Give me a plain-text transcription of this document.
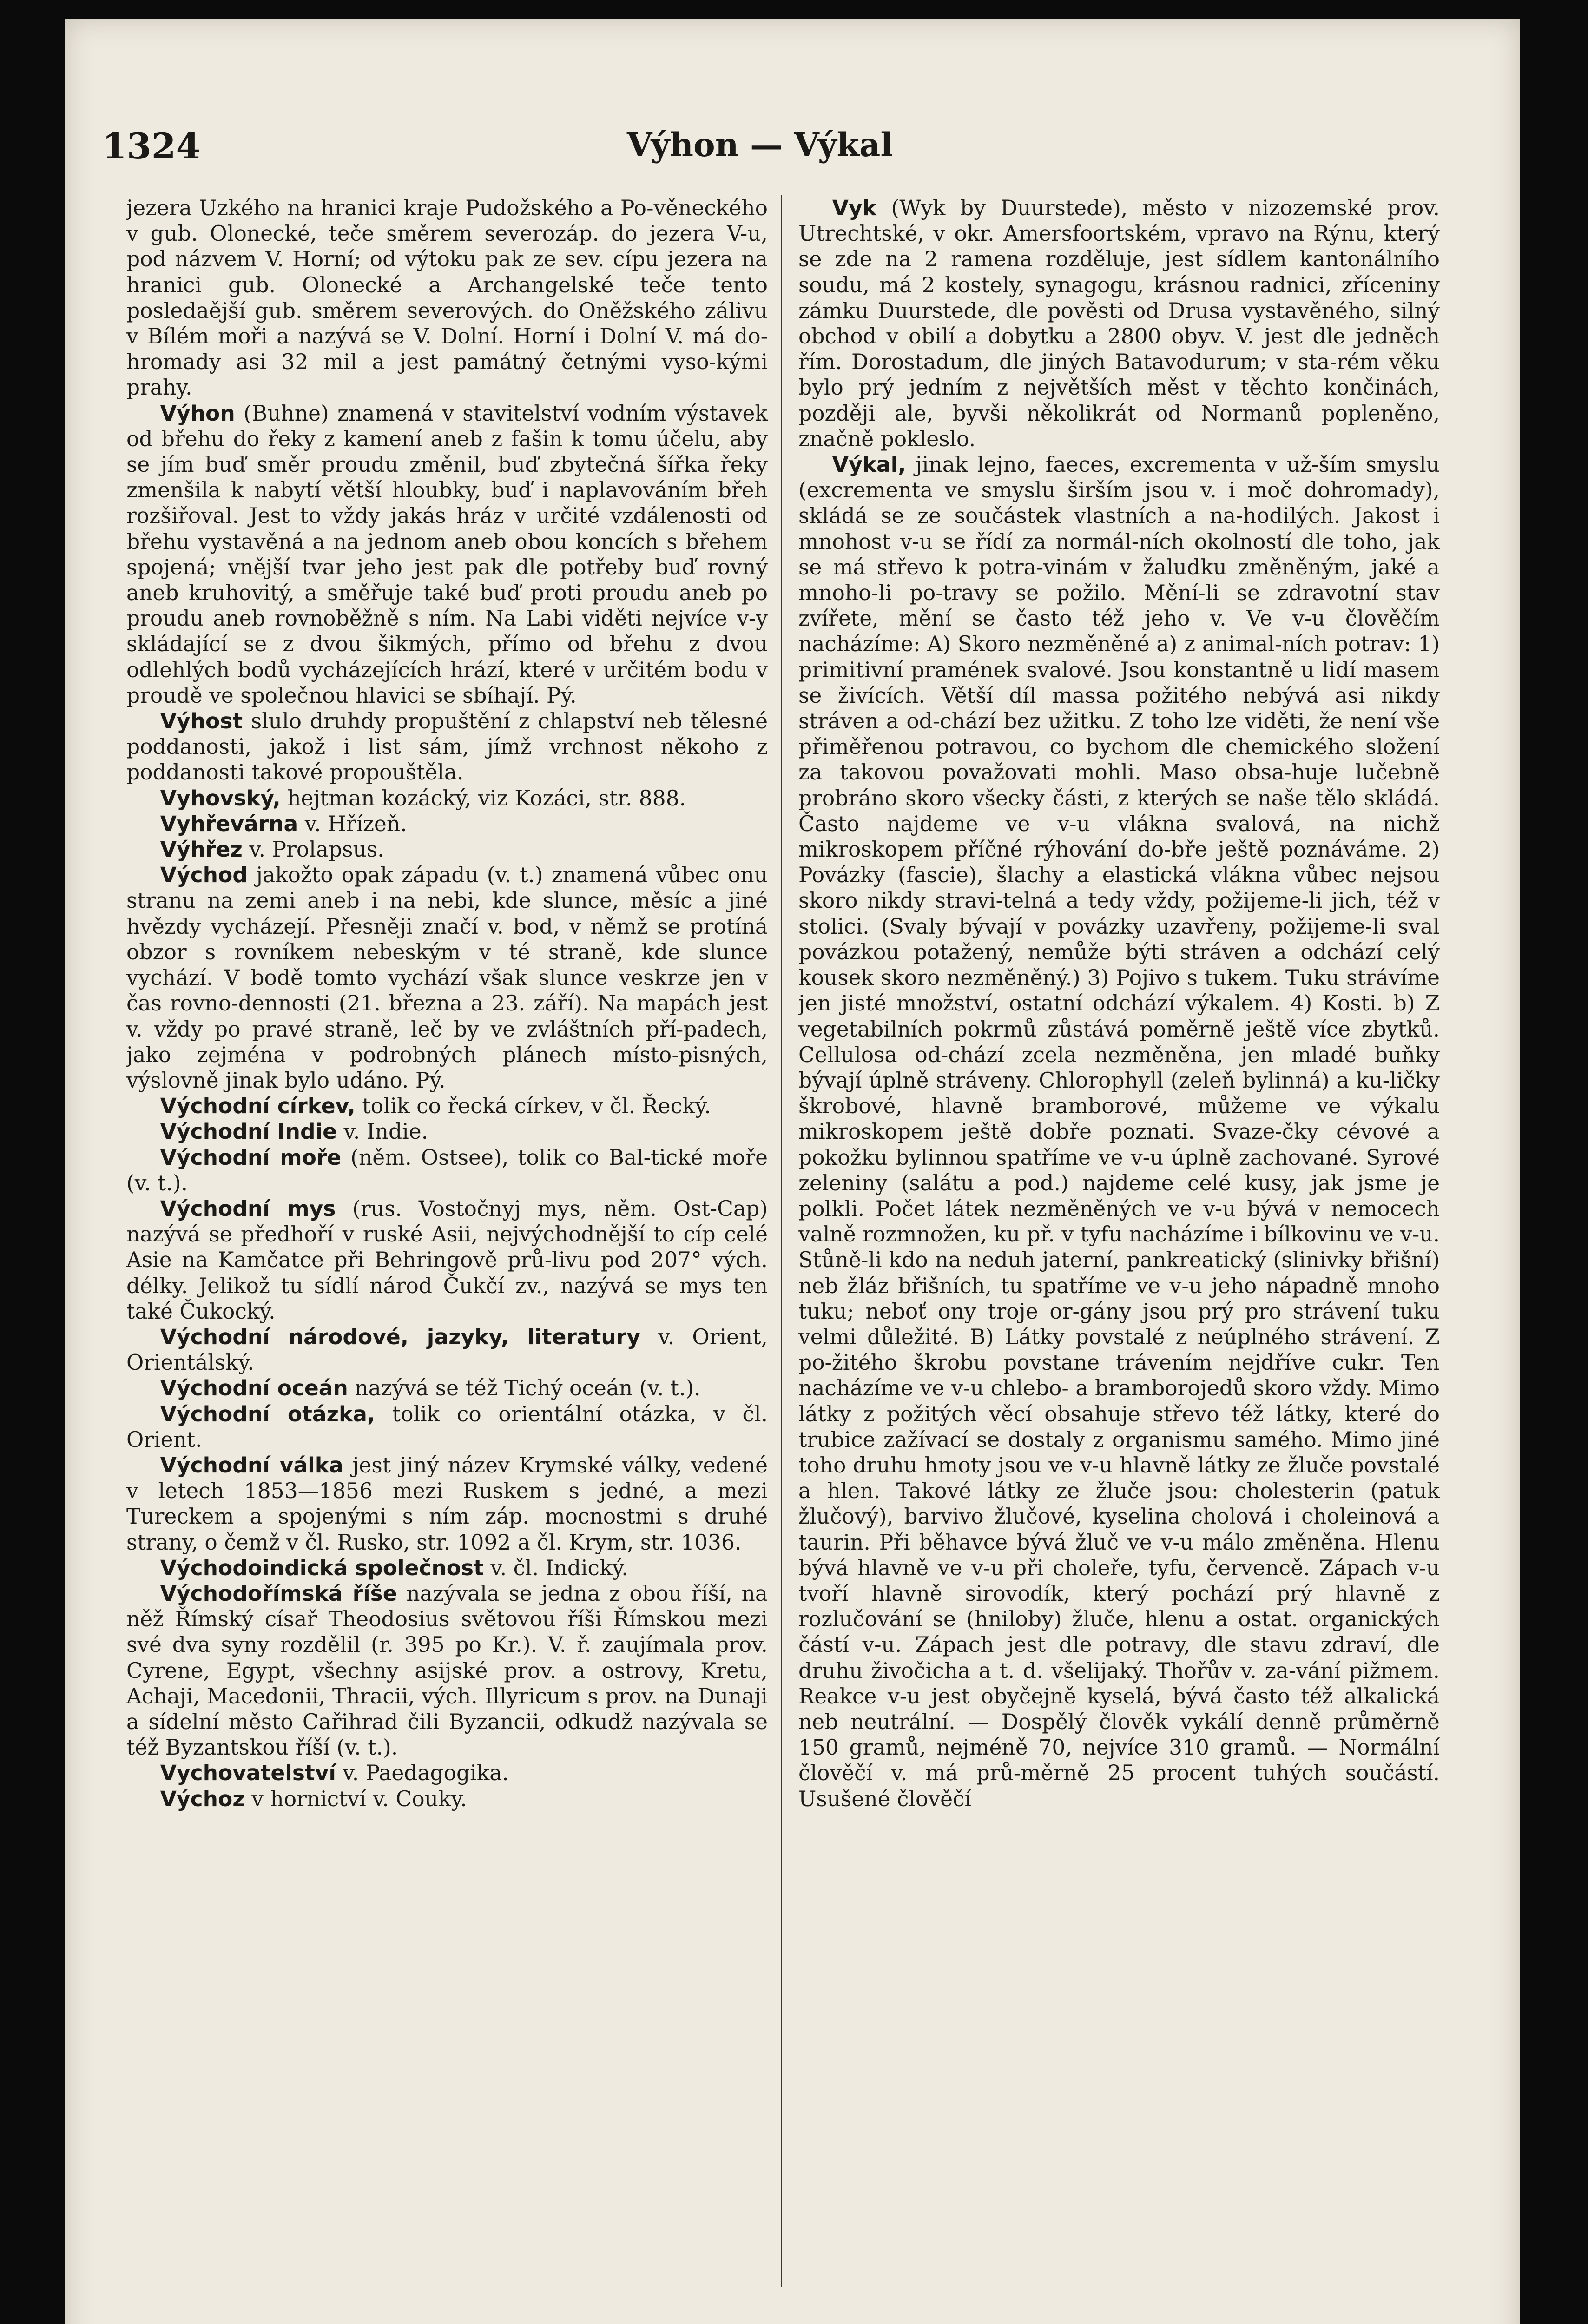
1324	Výhon — Výkal

jezera Uzkého na hranici kraje Pudožského a Po-věneckého v gub. Olonecké, teče směrem severozáp. do jezera V-u, pod názvem V. Horní; od výtoku pak ze sev. cípu jezera na hranici gub. Olonecké a Archangelské teče tento posledaější gub. směrem severových. do Oněžského zálivu v Bílém moři a nazývá se V. Dolní. Horní i Dolní V. má do-hromady asi 32 mil a jest památný četnými vyso-kými prahy.

Výhon (Buhne) znamená v stavitelství vodním výstavek od břehu do řeky z kamení aneb z fašin k tomu účelu, aby se jím buď směr proudu změnil, buď zbytečná šířka řeky zmenšila k nabytí větší hloubky, buď i naplavováním břeh rozšiřoval. Jest to vždy jakás hráz v určité vzdálenosti od břehu vystavěná a na jednom aneb obou koncích s břehem spojená; vnější tvar jeho jest pak dle potřeby buď rovný aneb kruhovitý, a směřuje také buď proti proudu aneb po proudu aneb rovnoběžně s ním. Na Labi viděti nejvíce v-y skládající se z dvou šikmých, přímo od břehu z dvou odlehlých bodů vycházejících hrází, které v určitém bodu v proudě ve společnou hlavici se sbíhají. Pý.

Výhost slulo druhdy propuštění z chlapství neb tělesné poddanosti, jakož i list sám, jímž vrchnost někoho z poddanosti takové propouštěla.

Vyhovský, hejtman kozácký, viz Kozáci, str. 888.

Vyhřevárna v. Hřízeň.

Výhřez v. Prolapsus.

Východ jakožto opak západu (v. t.) znamená vůbec onu stranu na zemi aneb i na nebi, kde slunce, měsíc a jiné hvězdy vycházejí. Přesněji značí v. bod, v němž se protíná obzor s rovníkem nebeským v té straně, kde slunce vychází. V bodě tomto vychází však slunce veskrze jen v čas rovno-dennosti (21. března a 23. září). Na mapách jest v. vždy po pravé straně, leč by ve zvláštních pří-padech, jako zejména v podrobných plánech místo-pisných, výslovně jinak bylo udáno. Pý.

Východní církev, tolik co řecká církev, v čl. Řecký.

Východní Indie v. Indie.

Východní moře (něm. Ostsee), tolik co Bal-tické moře (v. t.).

Východní mys (rus. Vostočnyj mys, něm. Ost-Cap) nazývá se předhoří v ruské Asii, nejvýchodnější to cíp celé Asie na Kamčatce při Behringově prů-livu pod 207° vých. délky. Jelikož tu sídlí národ Čukčí zv., nazývá se mys ten také Čukocký.

Východní národové, jazyky, literatury v. Orient, Orientálský.

Východní oceán nazývá se též Tichý oceán (v. t.).

Východní otázka, tolik co orientální otázka, v čl. Orient.

Východní válka jest jiný název Krymské války, vedené v letech 1853—1856 mezi Ruskem s jedné, a mezi Tureckem a spojenými s ním záp. mocnostmi s druhé strany, o čemž v čl. Rusko, str. 1092 a čl. Krym, str. 1036.

Východoindická společnost v. čl. Indický.

Východořímská říše nazývala se jedna z obou říší, na něž Římský císař Theodosius světovou říši Římskou mezi své dva syny rozdělil (r. 395 po Kr.). V. ř. zaujímala prov. Cyrene, Egypt, všechny asijské prov. a ostrovy, Kretu, Achaji, Macedonii, Thracii, vých. Illyricum s prov. na Dunaji a sídelní město Cařihrad čili Byzancii, odkudž nazývala se též Byzantskou říší (v. t.).

Vychovatelství v. Paedagogika.

Výchoz v hornictví v. Couky.

Vyk (Wyk by Duurstede), město v nizozemské prov. Utrechtské, v okr. Amersfoortském, vpravo na Rýnu, který se zde na 2 ramena rozděluje, jest sídlem kantonálního soudu, má 2 kostely, synagogu, krásnou radnici, zříceniny zámku Duurstede, dle pověsti od Drusa vystavěného, silný obchod v obilí a dobytku a 2800 obyv. V. jest dle jedněch řím. Dorostadum, dle jiných Batavodurum; v sta-rém věku bylo prý jedním z největších měst v těchto končinách, později ale, byvši několikrát od Normanů popleněno, značně pokleslo.

Výkal, jinak lejno, faeces, excrementa v už-ším smyslu (excrementa ve smyslu širším jsou v. i moč dohromady), skládá se ze součástek vlastních a na-hodilých. Jakost i mnohost v-u se řídí za normál-ních okolností dle toho, jak se má střevo k potra-vinám v žaludku změněným, jaké a mnoho-li po-travy se požilo. Mění-li se zdravotní stav zvířete, mění se často též jeho v. Ve v-u člověčím nacházíme: A) Skoro nezměněné a) z animal-ních potrav: 1) primitivní pramének svalové. Jsou konstantně u lidí masem se živících. Větší díl massa požitého nebývá asi nikdy stráven a od-chází bez užitku. Z toho lze viděti, že není vše přiměřenou potravou, co bychom dle chemického složení za takovou považovati mohli. Maso obsa-huje lučebně probráno skoro všecky části, z kterých se naše tělo skládá. Často najdeme ve v-u vlákna svalová, na nichž mikroskopem příčné rýhování do-bře ještě poznáváme. 2) Povázky (fascie), šlachy a elastická vlákna vůbec nejsou skoro nikdy stravi-telná a tedy vždy, požijeme-li jich, též v stolici. (Svaly bývají v povázky uzavřeny, požijeme-li sval povázkou potažený, nemůže býti stráven a odchází celý kousek skoro nezměněný.) 3) Pojivo s tukem. Tuku strávíme jen jisté množství, ostatní odchází výkalem. 4) Kosti. b) Z vegetabilních pokrmů zůstává poměrně ještě více zbytků. Cellulosa od-chází zcela nezměněna, jen mladé buňky bývají úplně stráveny. Chlorophyll (zeleň bylinná) a ku-ličky škrobové, hlavně bramborové, můžeme ve výkalu mikroskopem ještě dobře poznati. Svaze-čky cévové a pokožku bylinnou spatříme ve v-u úplně zachované. Syrové zeleniny (salátu a pod.) najdeme celé kusy, jak jsme je polkli. Počet látek nezměněných ve v-u bývá v nemocech valně rozmnožen, ku př. v tyfu nacházíme i bílkovinu ve v-u. Stůně-li kdo na neduh jaterní, pankreatický (slinivky břišní) neb žláz břišních, tu spatříme ve v-u jeho nápadně mnoho tuku; neboť ony troje or-gány jsou prý pro strávení tuku velmi důležité. B) Látky povstalé z neúplného strávení. Z po-žitého škrobu povstane trávením nejdříve cukr. Ten nacházíme ve v-u chlebo- a bramborojedů skoro vždy. Mimo látky z požitých věcí obsahuje střevo též látky, které do trubice zažívací se dostaly z organismu samého. Mimo jiné toho druhu hmoty jsou ve v-u hlavně látky ze žluče povstalé a hlen. Takové látky ze žluče jsou: cholesterin (patuk žlučový), barvivo žlučové, kyselina cholová i choleinová a taurin. Při běhavce bývá žluč ve v-u málo změněna. Hlenu bývá hlavně ve v-u při choleře, tyfu, červencě. Zápach v-u tvoří hlavně sirovodík, který pochází prý hlavně z rozlučování se (hniloby) žluče, hlenu a ostat. organických částí v-u. Zápach jest dle potravy, dle stavu zdraví, dle druhu živočicha a t. d. všelijaký. Thořův v. za-vání pižmem. Reakce v-u jest obyčejně kyselá, bývá často též alkalická neb neutrální. — Dospělý člověk vykálí denně průměrně 150 gramů, nejméně 70, nejvíce 310 gramů. — Normální člověčí v. má prů-měrně 25 procent tuhých součástí. Usušené člověčí
